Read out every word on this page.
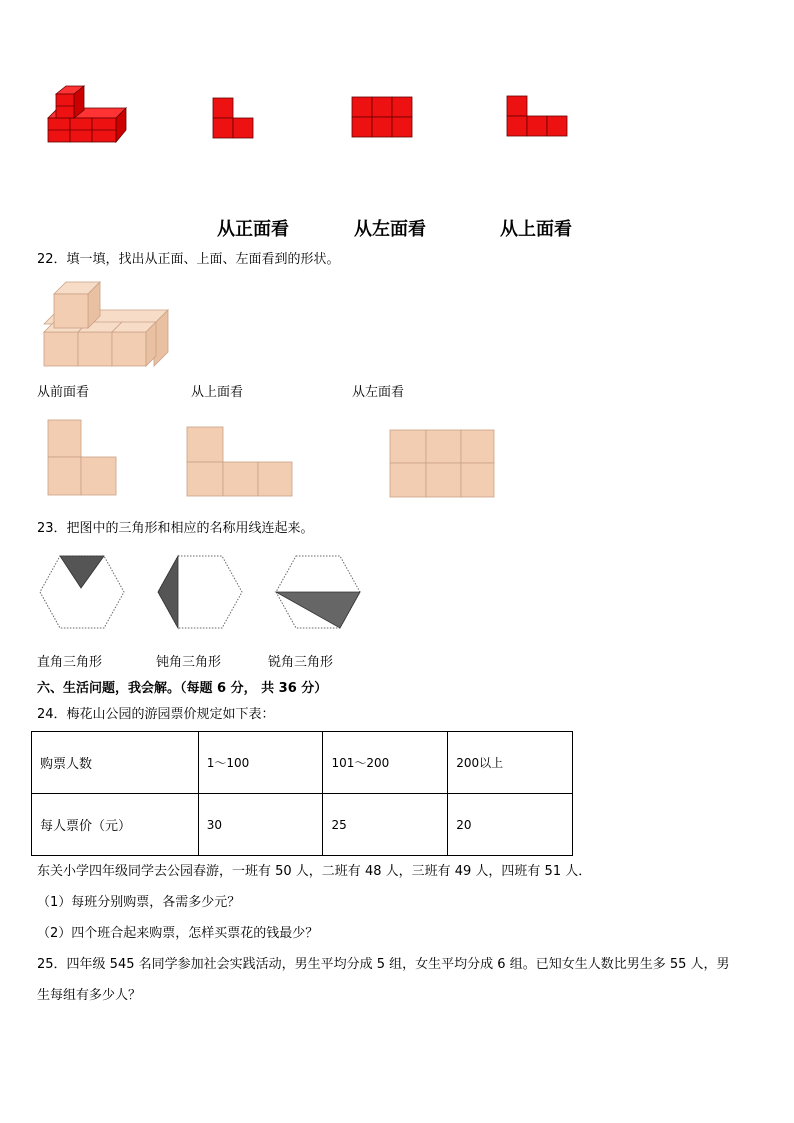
从正面看	从左面看	从上面看
22．填一填，找出从正面、上面、左面看到的形状。
从前面看	从上面看	从左面看
23．把图中的三角形和相应的名称用线连起来。
直角三角形	钝角三角形	锐角三角形
六、生活问题，我会解。（每题 6 分， 共 36 分）
24．梅花山公园的游园票价规定如下表：
购票人数	1～100	101～200	200以上
每人票价（元）	30	25	20
东关小学四年级同学去公园春游，一班有 50 人，二班有 48 人，三班有 49 人，四班有 51 人．
（1）每班分别购票，各需多少元？
（2）四个班合起来购票，怎样买票花的钱最少？
25．四年级 545 名同学参加社会实践活动，男生平均分成 5 组，女生平均分成 6 组。已知女生人数比男生多 55 人，男
生每组有多少人？
